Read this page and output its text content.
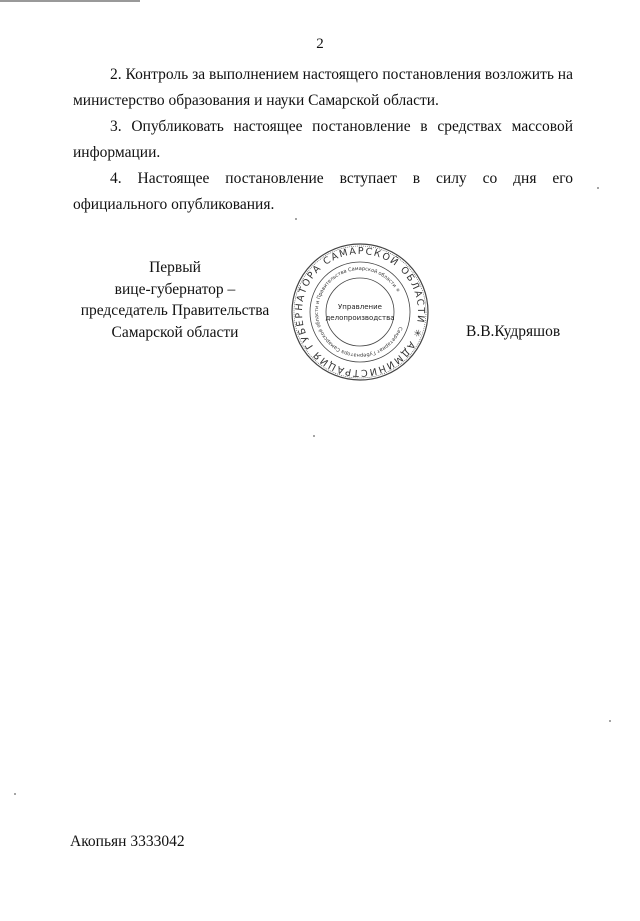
2

2. Контроль за выполнением настоящего постановления возложить на министерство образования и науки Самарской области.

3. Опубликовать настоящее постановление в средствах массовой информации.

4. Настоящее постановление вступает в силу со дня его официального опубликования.

Первый
вице-губернатор –
председатель Правительства
Самарской области
АДМИНИСТРАЦИЯ ГУБЕРНАТОРА САМАРСКОЙ ОБЛАСТИ ✳
Секретариат Губернатора Самарской области и Правительства Самарской области ✳
Управление
делопроизводства
В.В.Кудряшов
Акопьян 3333042
